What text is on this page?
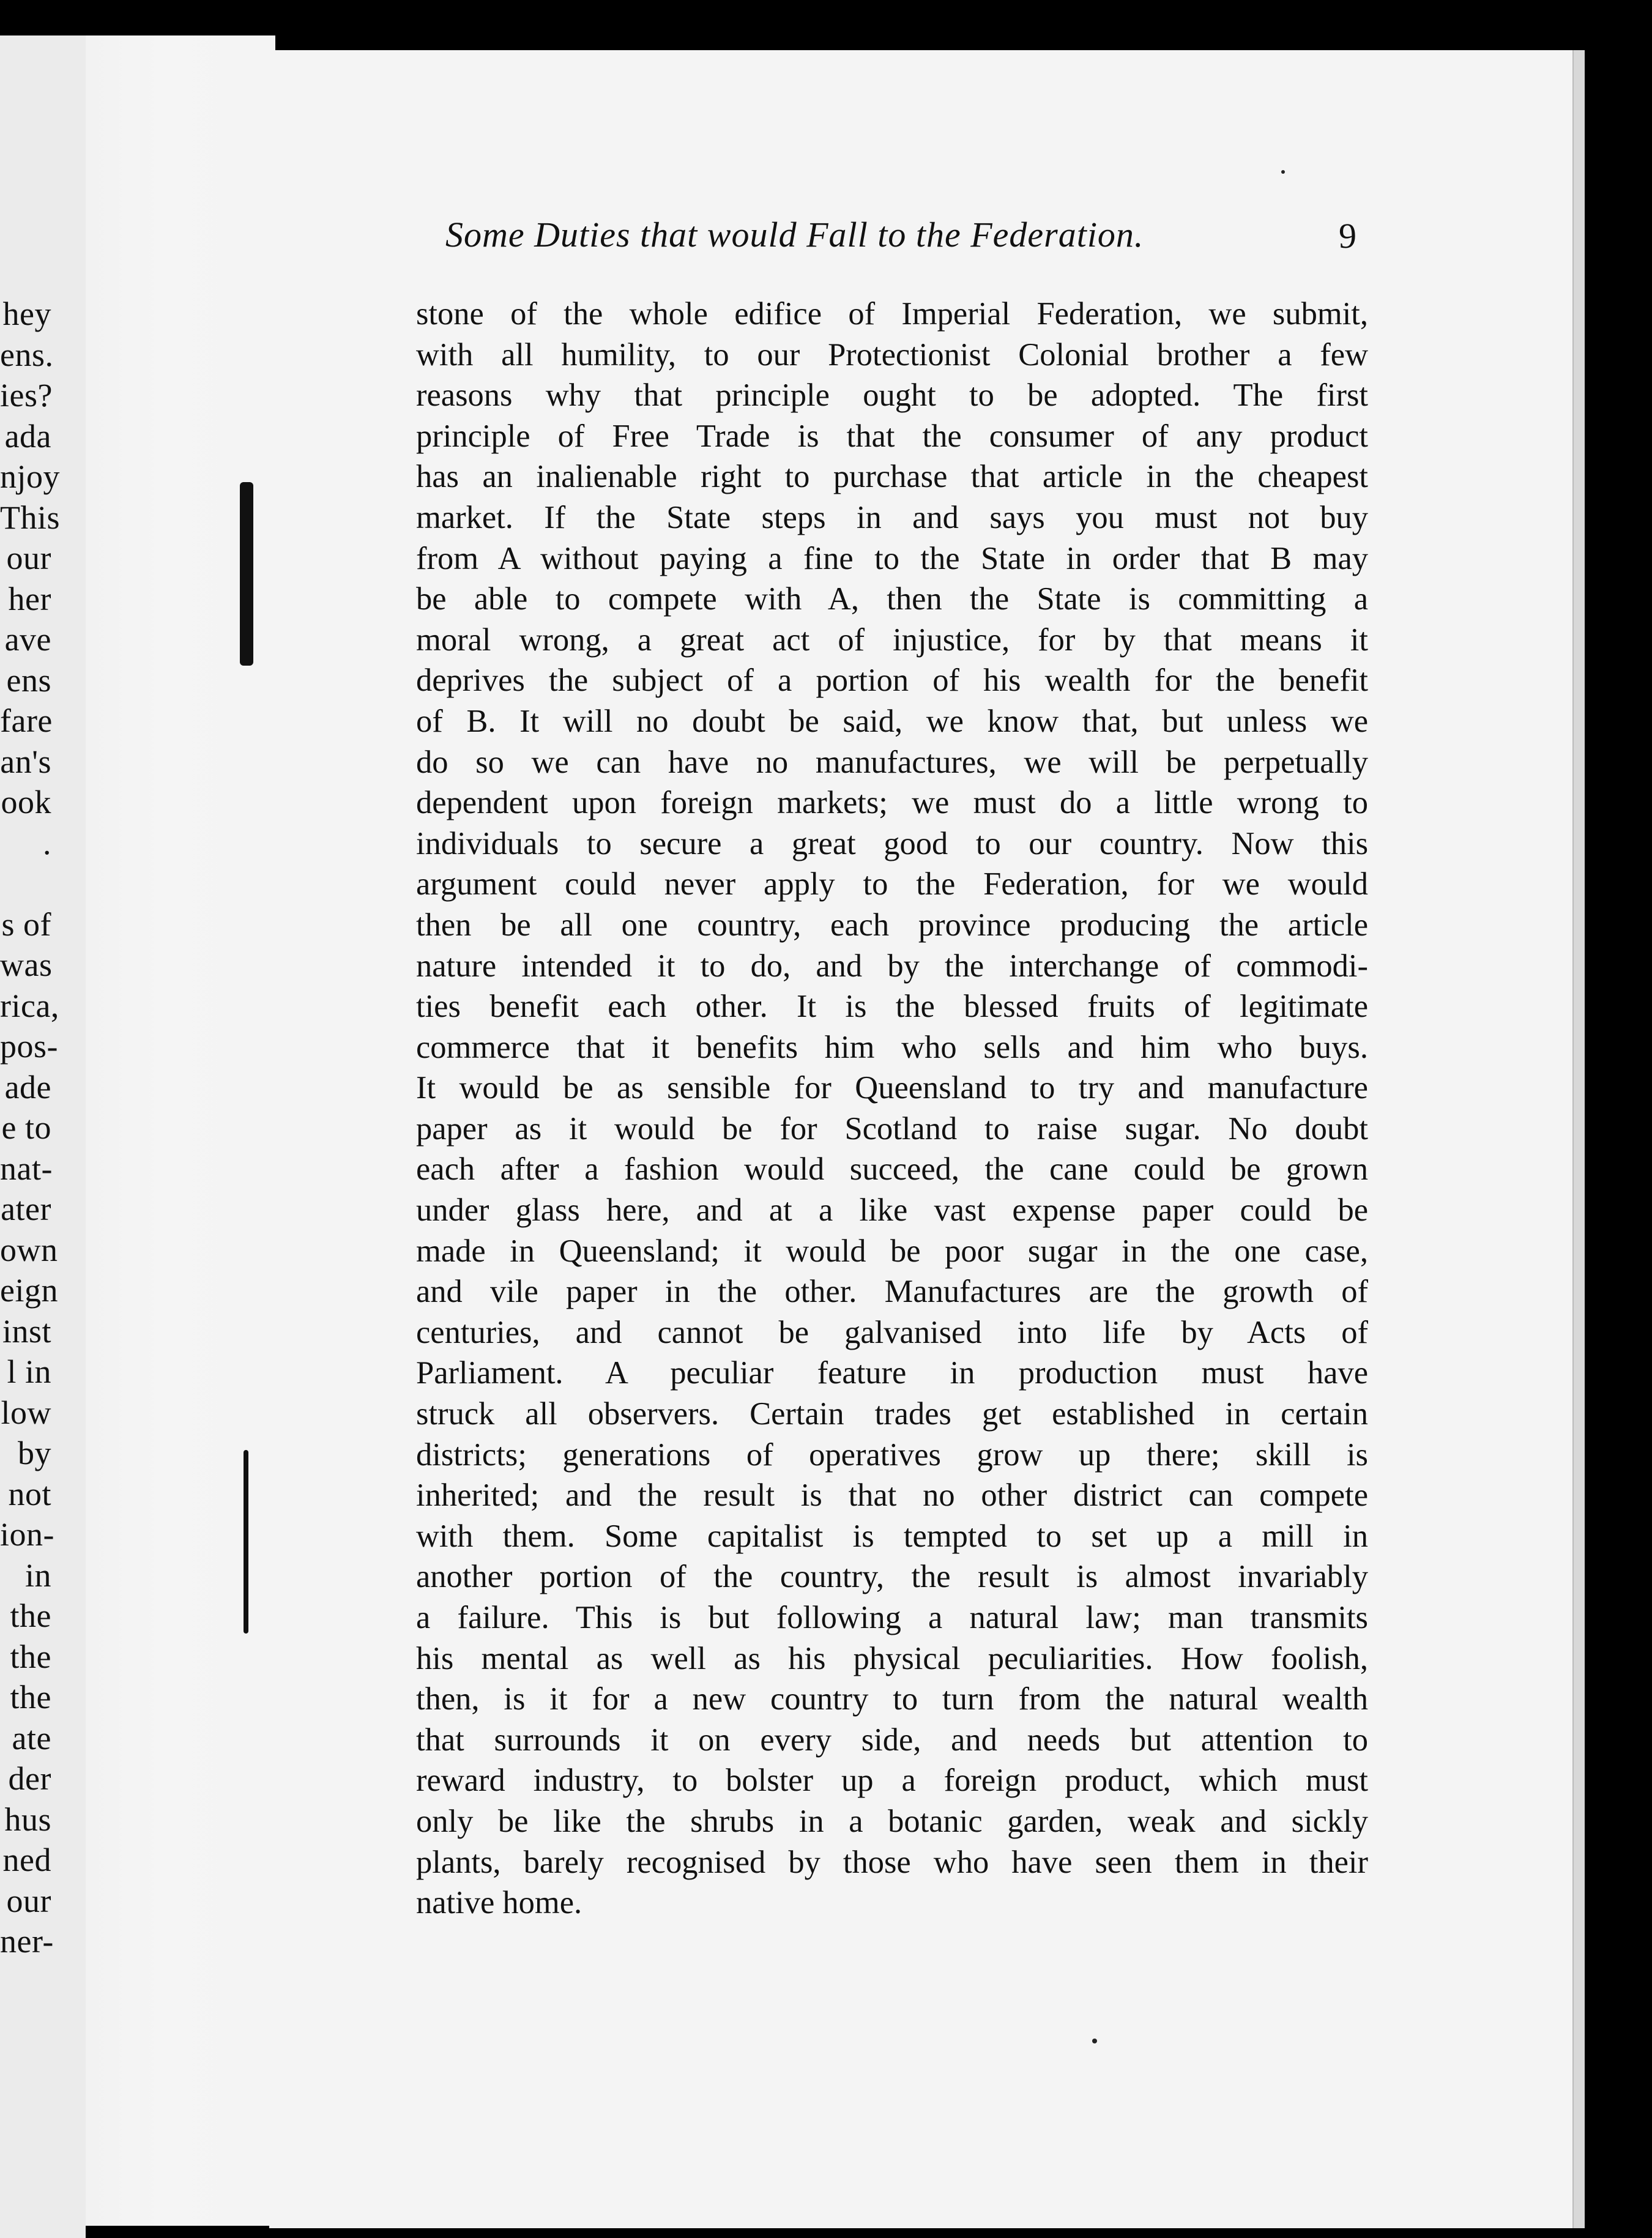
Some Duties that would Fall to the Federation.	9
stone of the whole edifice of Imperial Federation, we submit,
with all humility, to our Protectionist Colonial brother a few
reasons why that principle ought to be adopted. The first
principle of Free Trade is that the consumer of any product
has an inalienable right to purchase that article in the cheapest
market. If the State steps in and says you must not buy
from A without paying a fine to the State in order that B may
be able to compete with A, then the State is committing a
moral wrong, a great act of injustice, for by that means it
deprives the subject of a portion of his wealth for the benefit
of B. It will no doubt be said, we know that, but unless we
do so we can have no manufactures, we will be perpetually
dependent upon foreign markets; we must do a little wrong to
individuals to secure a great good to our country. Now this
argument could never apply to the Federation, for we would
then be all one country, each province producing the article
nature intended it to do, and by the interchange of commodi-
ties benefit each other. It is the blessed fruits of legitimate
commerce that it benefits him who sells and him who buys.
It would be as sensible for Queensland to try and manufacture
paper as it would be for Scotland to raise sugar. No doubt
each after a fashion would succeed, the cane could be grown
under glass here, and at a like vast expense paper could be
made in Queensland; it would be poor sugar in the one case,
and vile paper in the other. Manufactures are the growth of
centuries, and cannot be galvanised into life by Acts of
Parliament. A peculiar feature in production must have
struck all observers. Certain trades get established in certain
districts; generations of operatives grow up there; skill is
inherited; and the result is that no other district can compete
with them. Some capitalist is tempted to set up a mill in
another portion of the country, the result is almost invariably
a failure. This is but following a natural law; man transmits
his mental as well as his physical peculiarities. How foolish,
then, is it for a new country to turn from the natural wealth
that surrounds it on every side, and needs but attention to
reward industry, to bolster up a foreign product, which must
only be like the shrubs in a botanic garden, weak and sickly
plants, barely recognised by those who have seen them in their
native home.
hey
ens.
ies?
ada
njoy
This
our
her
ave
ens
fare
an's
ook
.
s of
was
rica,
pos-
ade
e to
nat-
ater
own
eign
inst
l in
low
by
not
ion-
in
the
the
the
ate
der
hus
ned
our
ner-
